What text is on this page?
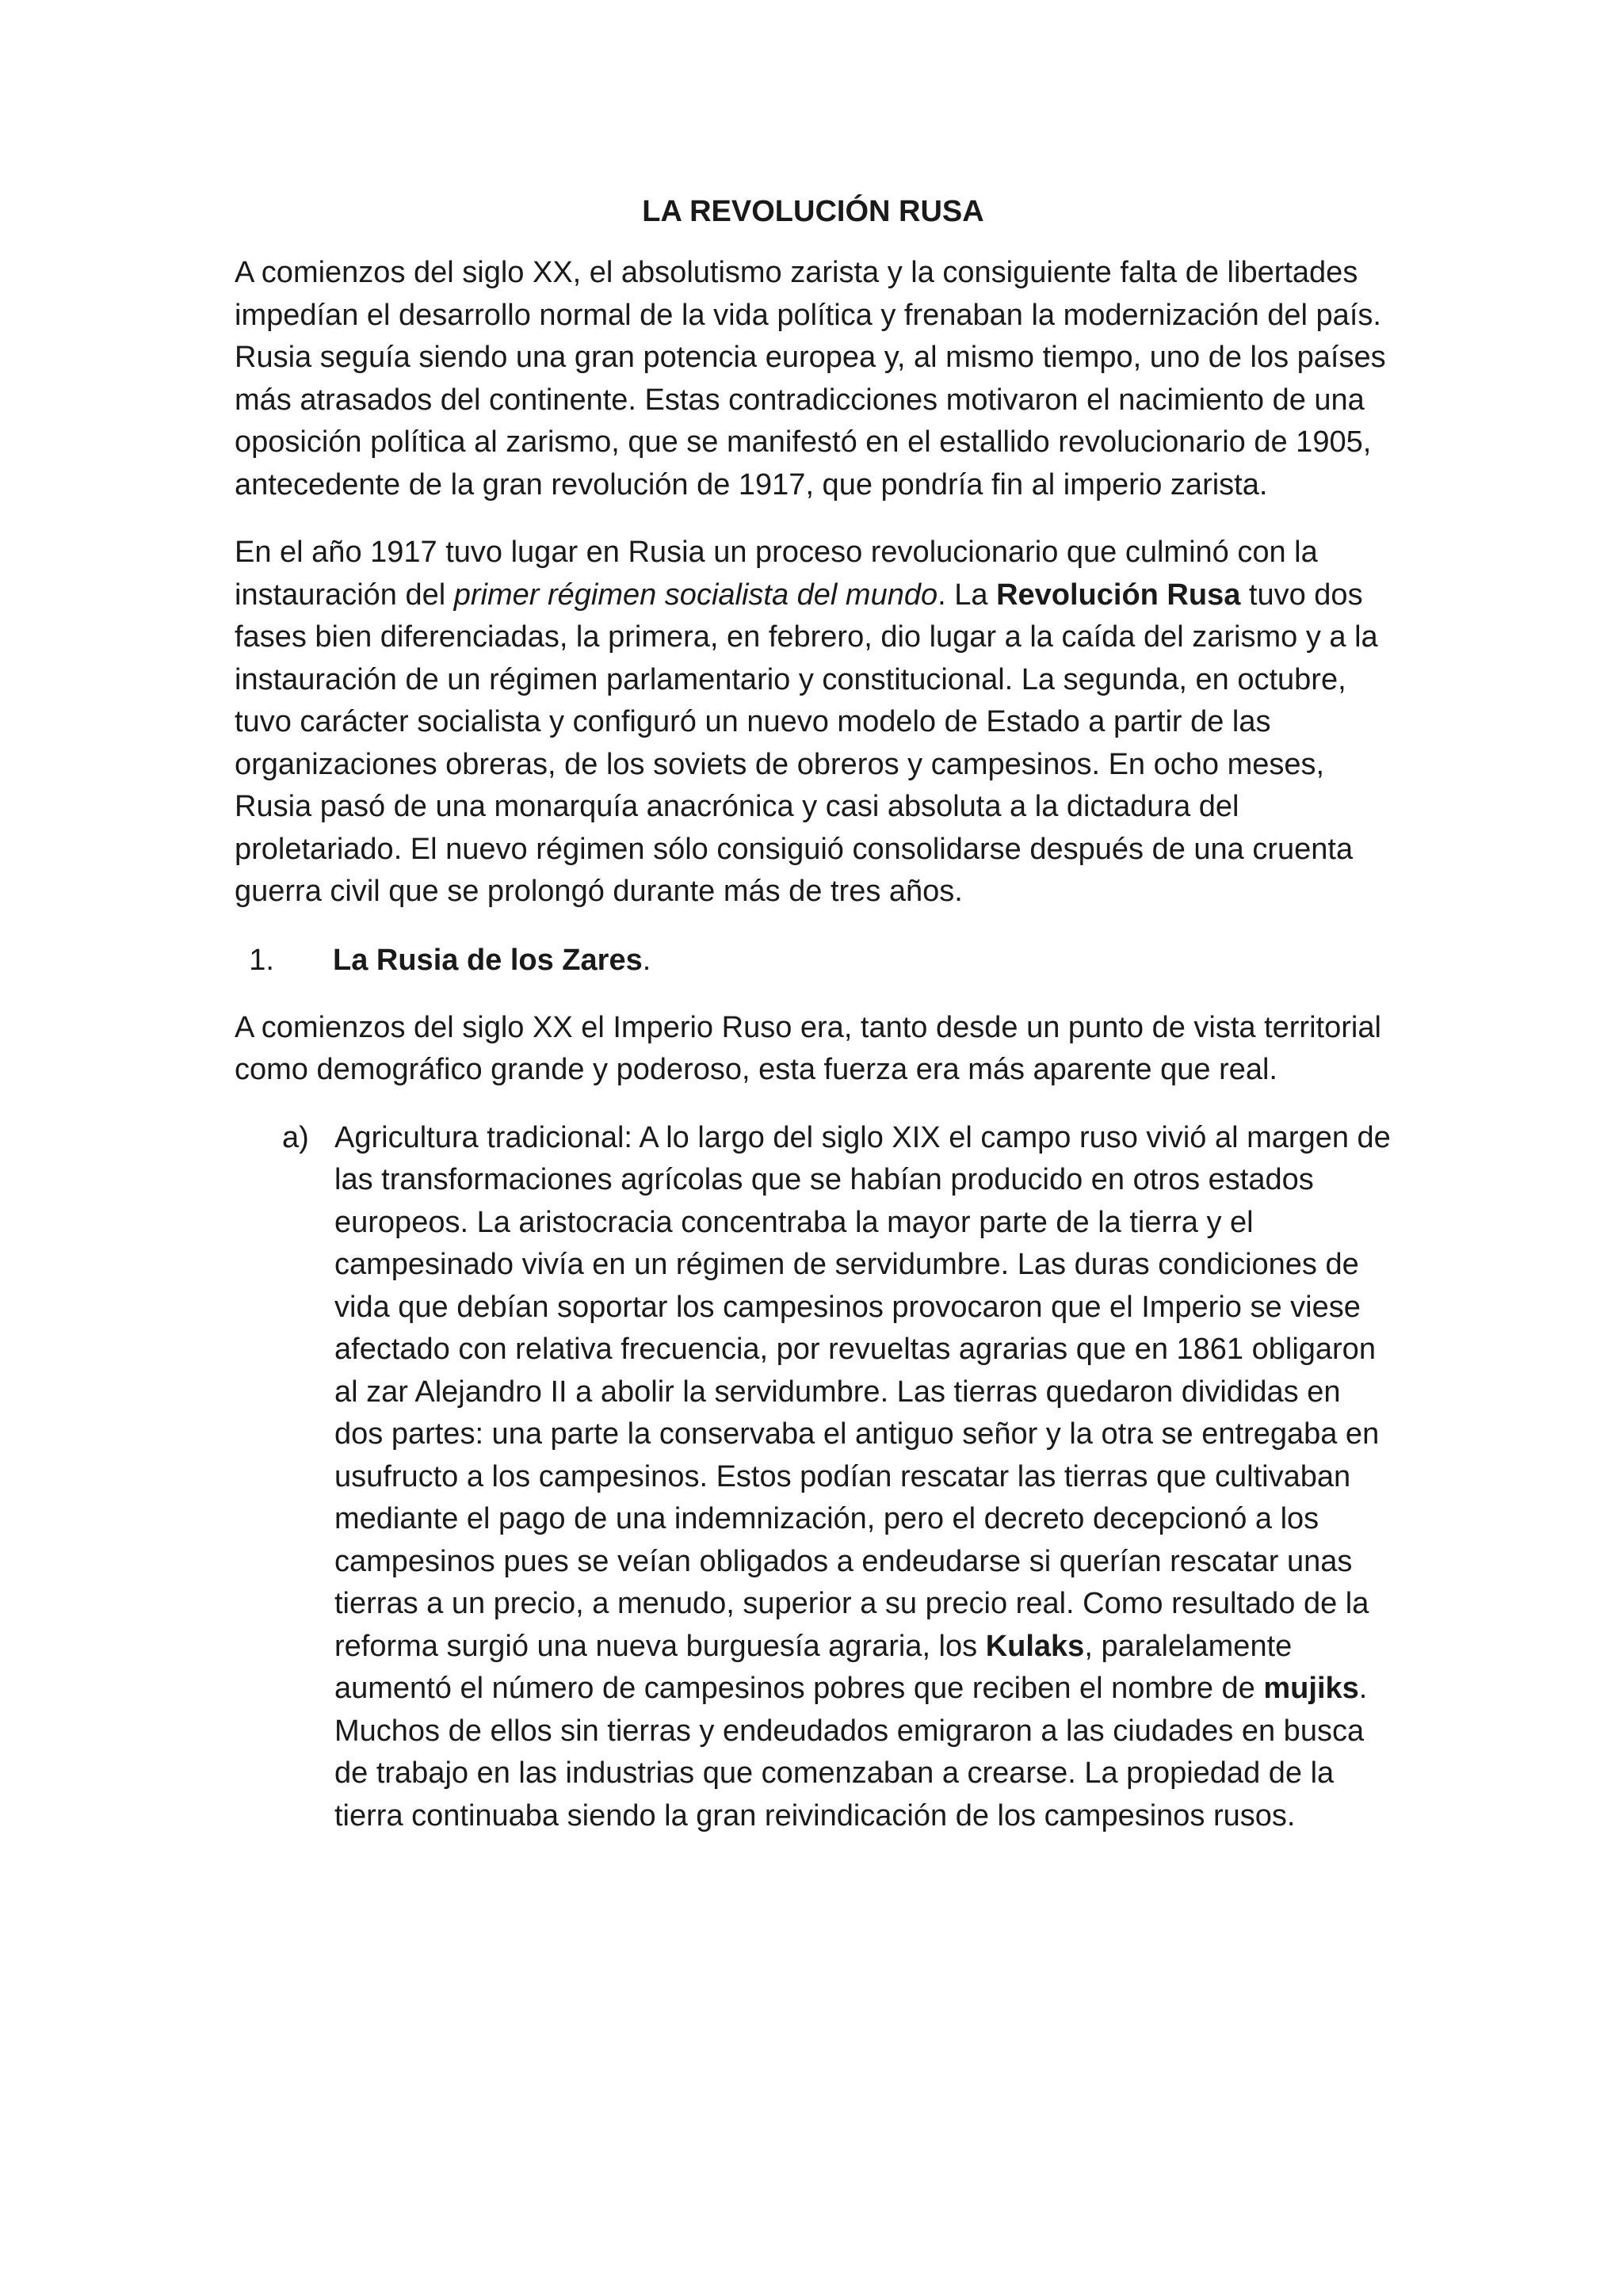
LA REVOLUCIÓN RUSA

A comienzos del siglo XX, el absolutismo zarista y la consiguiente falta de libertades impedían el desarrollo normal de la vida política y frenaban la modernización del país. Rusia seguía siendo una gran potencia europea y, al mismo tiempo, uno de los países más atrasados del continente. Estas contradicciones motivaron el nacimiento de una oposición política al zarismo, que se manifestó en el estallido revolucionario de 1905, antecedente de la gran revolución de 1917, que pondría fin al imperio zarista.

En el año 1917 tuvo lugar en Rusia un proceso revolucionario que culminó con la instauración del primer régimen socialista del mundo. La Revolución Rusa tuvo dos fases bien diferenciadas, la primera, en febrero, dio lugar a la caída del zarismo y a la instauración de un régimen parlamentario y constitucional. La segunda, en octubre, tuvo carácter socialista y configuró un nuevo modelo de Estado a partir de las organizaciones obreras, de los soviets de obreros y campesinos. En ocho meses, Rusia pasó de una monarquía anacrónica y casi absoluta a la dictadura del proletariado. El nuevo régimen sólo consiguió consolidarse después de una cruenta guerra civil que se prolongó durante más de tres años.

1. La Rusia de los Zares.

A comienzos del siglo XX el Imperio Ruso era, tanto desde un punto de vista territorial como demográfico grande y poderoso, esta fuerza era más aparente que real.

a) Agricultura tradicional: A lo largo del siglo XIX el campo ruso vivió al margen de las transformaciones agrícolas que se habían producido en otros estados europeos. La aristocracia concentraba la mayor parte de la tierra y el campesinado vivía en un régimen de servidumbre. Las duras condiciones de vida que debían soportar los campesinos provocaron que el Imperio se viese afectado con relativa frecuencia, por revueltas agrarias que en 1861 obligaron al zar Alejandro II a abolir la servidumbre. Las tierras quedaron divididas en dos partes: una parte la conservaba el antiguo señor y la otra se entregaba en usufructo a los campesinos. Estos podían rescatar las tierras que cultivaban mediante el pago de una indemnización, pero el decreto decepcionó a los campesinos pues se veían obligados a endeudarse si querían rescatar unas tierras a un precio, a menudo, superior a su precio real. Como resultado de la reforma surgió una nueva burguesía agraria, los Kulaks, paralelamente aumentó el número de campesinos pobres que reciben el nombre de mujiks. Muchos de ellos sin tierras y endeudados emigraron a las ciudades en busca de trabajo en las industrias que comenzaban a crearse. La propiedad de la tierra continuaba siendo la gran reivindicación de los campesinos rusos.
